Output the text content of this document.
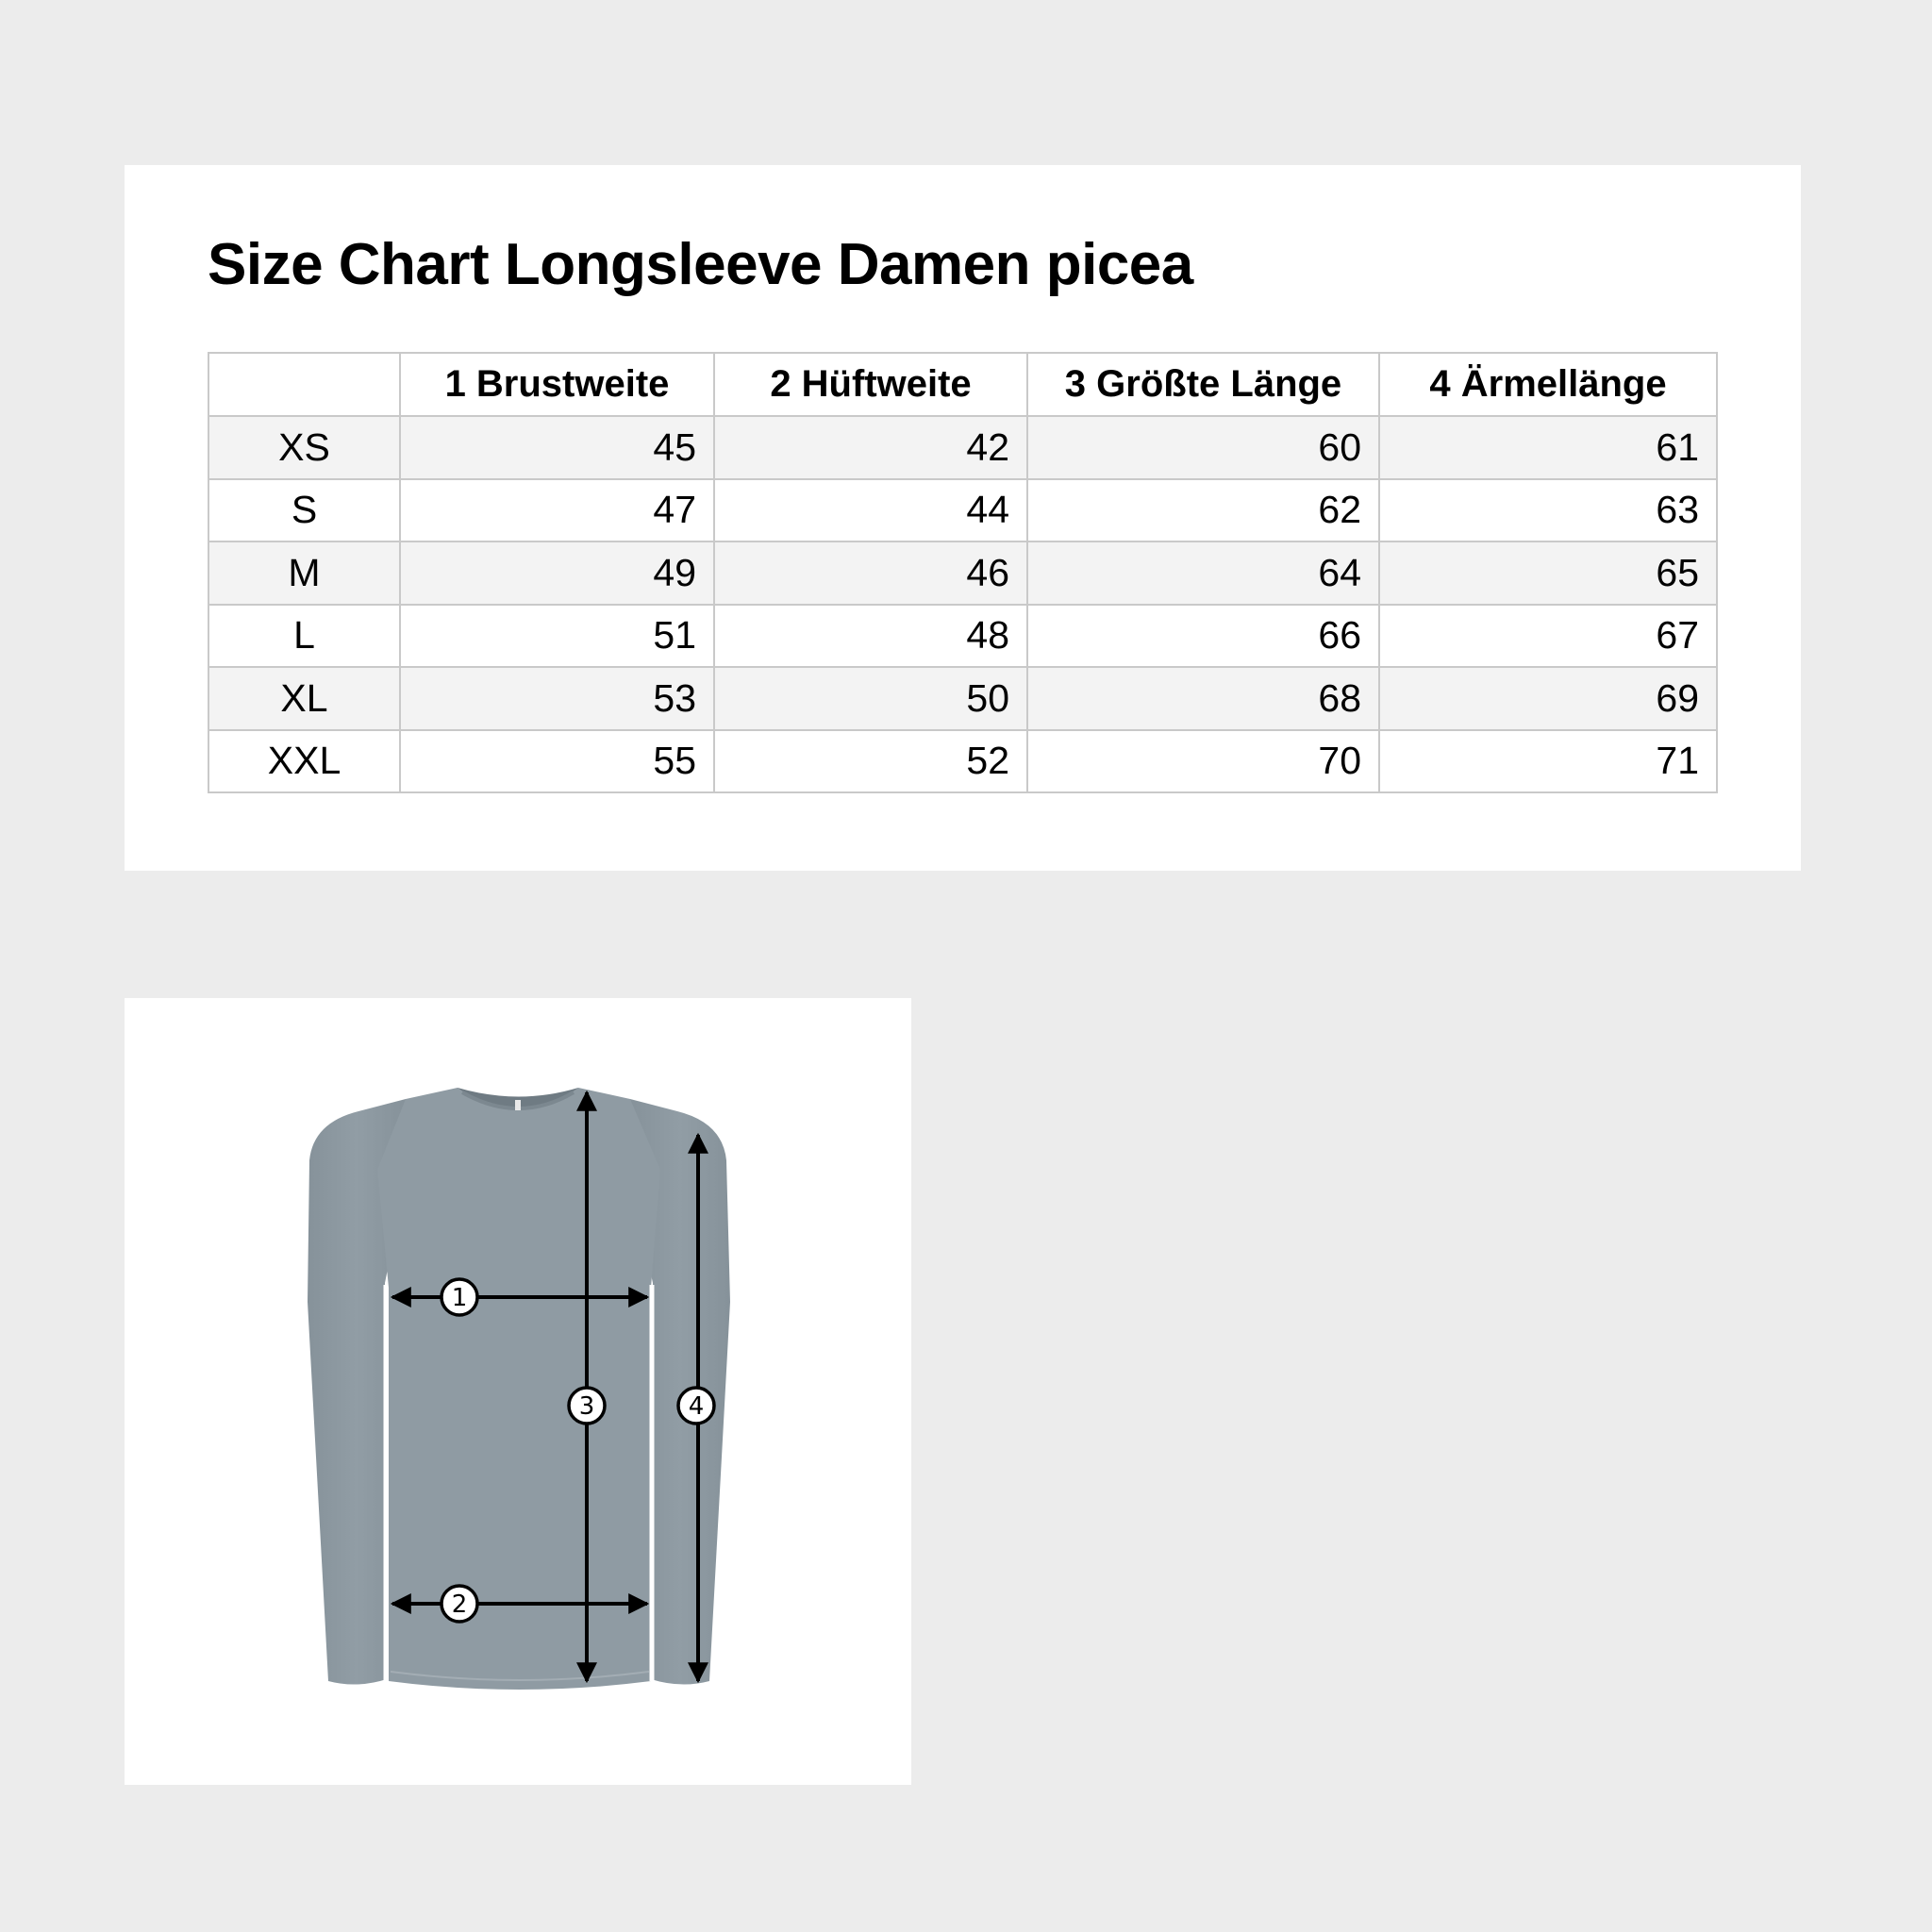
Size Chart Longsleeve Damen picea
	1 Brustweite	2 Hüftweite	3 Größte Länge	4 Ärmellänge
XS	45	42	60	61
S	47	44	62	63
M	49	46	64	65
L	51	48	66	67
XL	53	50	68	69
XXL	55	52	70	71
1
2
3	4
